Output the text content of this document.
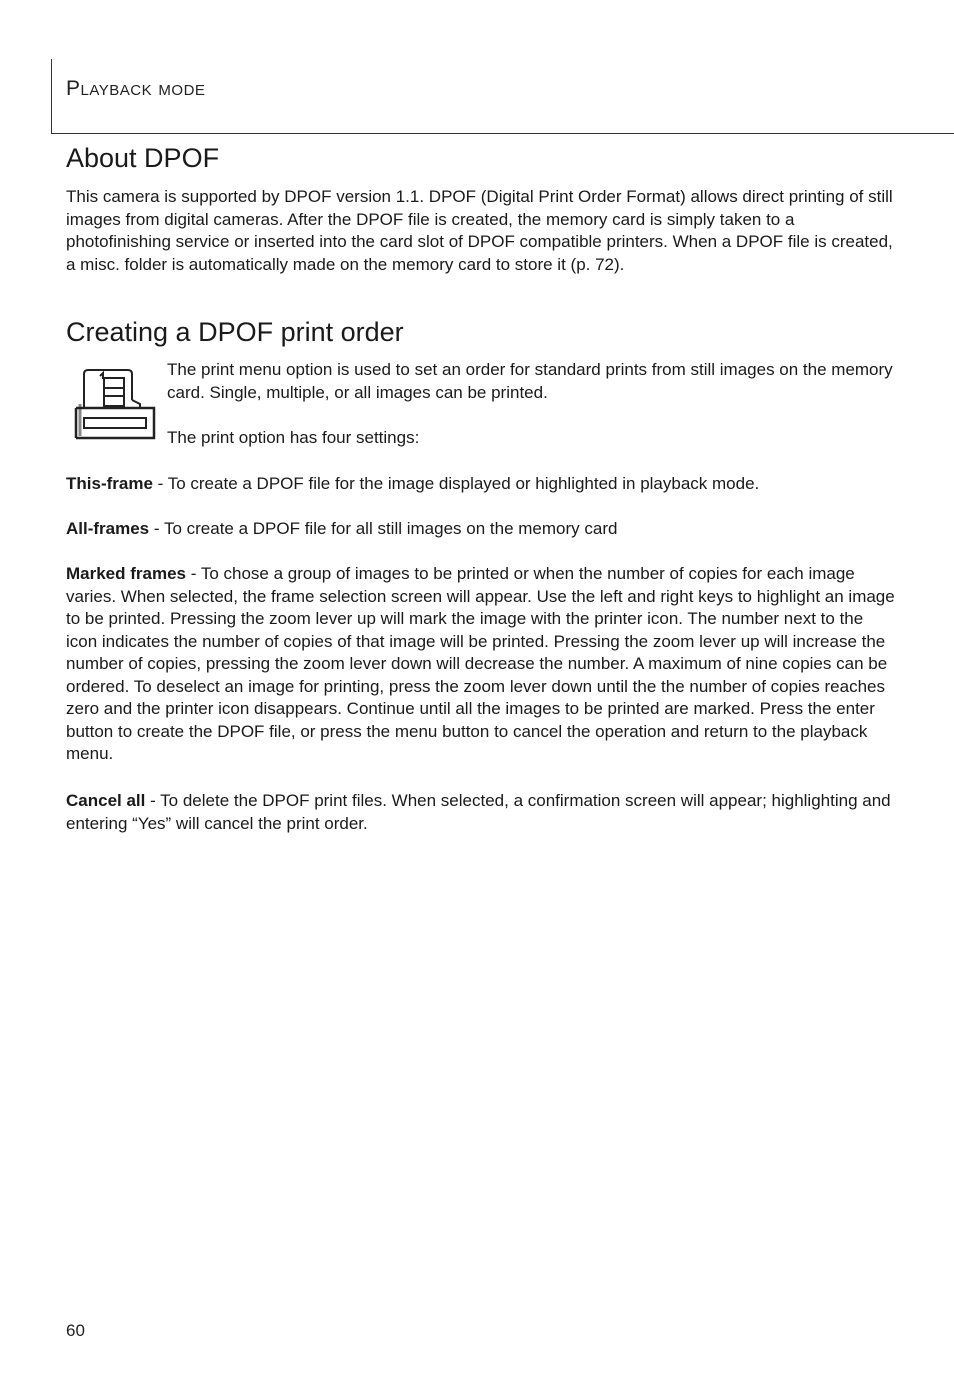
Playback mode
About DPOF

This camera is supported by DPOF version 1.1. DPOF (Digital Print Order Format) allows direct printing of still images from digital cameras. After the DPOF file is created, the memory card is simply taken to a photofinishing service or inserted into the card slot of DPOF compatible printers. When a DPOF file is created, a misc. folder is automatically made on the memory card to store it (p. 72).

Creating a DPOF print order

The print menu option is used to set an order for standard prints from still images on the memory card. Single, multiple, or all images can be printed.

The print option has four settings:

This-frame - To create a DPOF file for the image displayed or highlighted in playback mode.

All-frames - To create a DPOF file for all still images on the memory card

Marked frames - To chose a group of images to be printed or when the number of copies for each image varies. When selected, the frame selection screen will appear. Use the left and right keys to highlight an image to be printed. Pressing the zoom lever up will mark the image with the printer icon. The number next to the icon indicates the number of copies of that image will be printed. Pressing the zoom lever up will increase the number of copies, pressing the zoom lever down will decrease the number. A maximum of nine copies can be ordered. To deselect an image for printing, press the zoom lever down until the the number of copies reaches zero and the printer icon disappears. Continue until all the images to be printed are marked. Press the enter button to create the DPOF file, or press the menu button to cancel the operation and return to the playback menu.

Cancel all - To delete the DPOF print files. When selected, a confirmation screen will appear; highlighting and entering “Yes” will cancel the print order.

60
